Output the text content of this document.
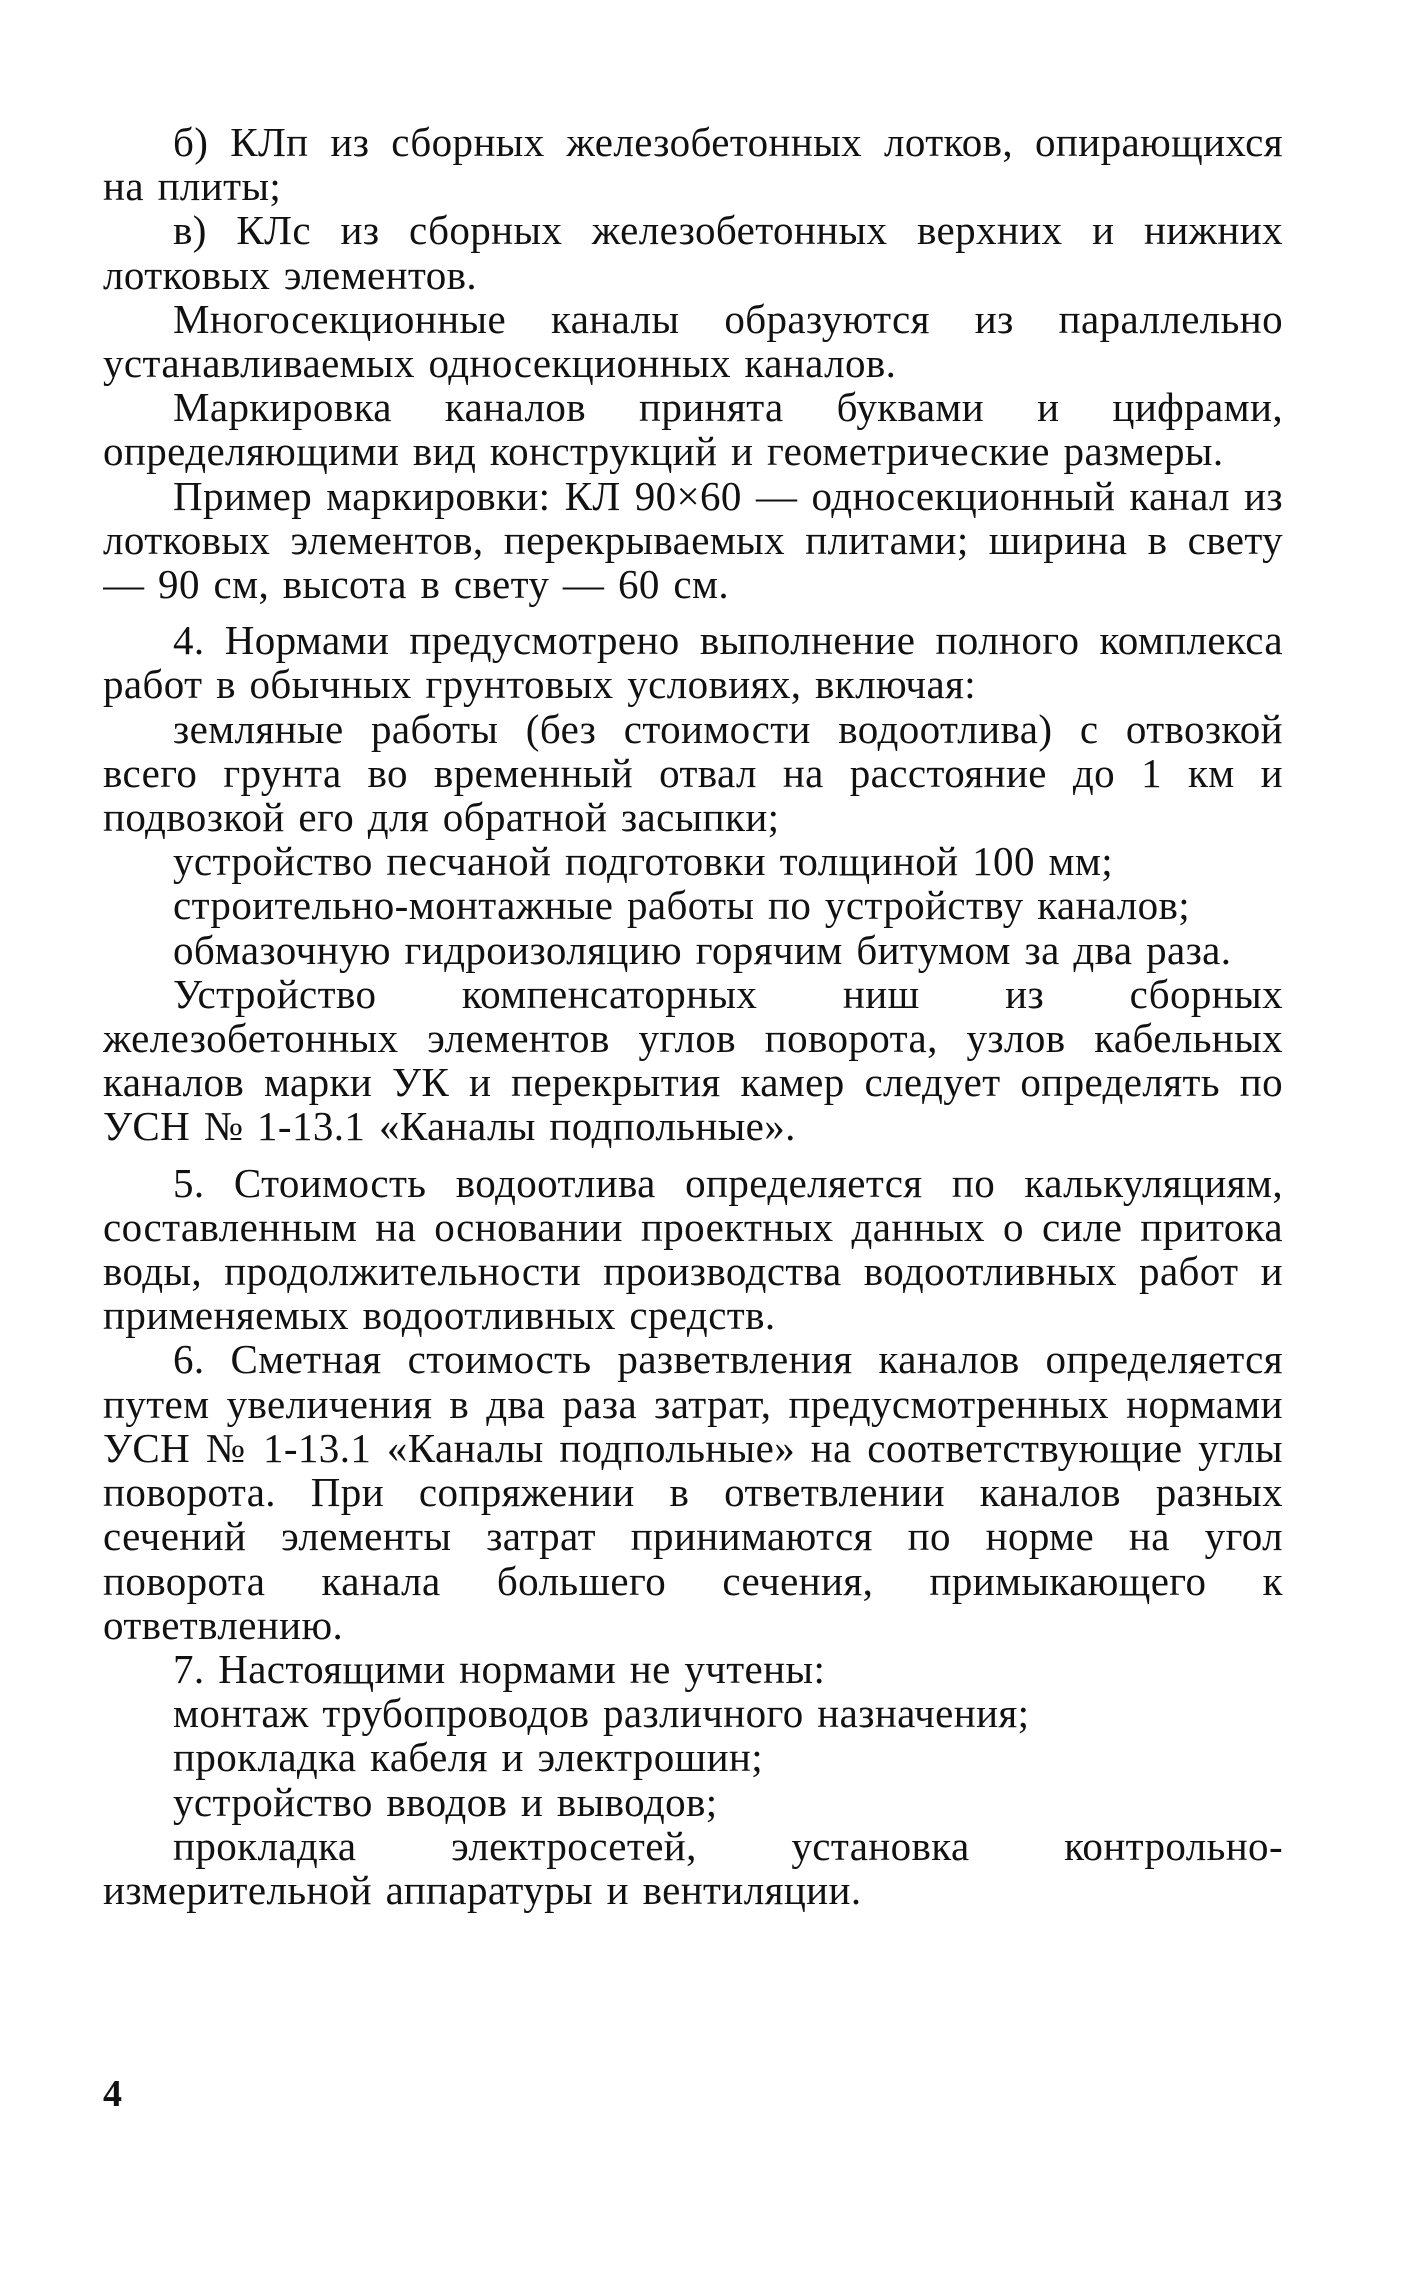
б) КЛп из сборных железобетонных лотков, опирающихся на плиты;

в) КЛс из сборных железобетонных верхних и нижних лотковых элементов.

Многосекционные каналы образуются из параллельно устанавливаемых односекционных каналов.

Маркировка каналов принята буквами и цифрами, определяющими вид конструкций и геометрические размеры.

Пример маркировки: КЛ 90×60 — односекционный канал из лотковых элементов, перекрываемых плитами; ширина в свету — 90 см, высота в свету — 60 см.

4. Нормами предусмотрено выполнение полного комплекса работ в обычных грунтовых условиях, включая:

земляные работы (без стоимости водоотлива) с отвозкой всего грунта во временный отвал на расстояние до 1 км и подвозкой его для обратной засыпки;

устройство песчаной подготовки толщиной 100 мм;

строительно-монтажные работы по устройству каналов;

обмазочную гидроизоляцию горячим битумом за два раза.

Устройство компенсаторных ниш из сборных железобетонных элементов углов поворота, узлов кабельных каналов марки УК и перекрытия камер следует определять по УСН № 1-13.1 «Каналы подпольные».

5. Стоимость водоотлива определяется по калькуляциям, составленным на основании проектных данных о силе притока воды, продолжительности производства водоотливных работ и применяемых водоотливных средств.

6. Сметная стоимость разветвления каналов определяется путем увеличения в два раза затрат, предусмотренных нормами УСН № 1-13.1 «Каналы подпольные» на соответствующие углы поворота. При сопряжении в ответвлении каналов разных сечений элементы затрат принимаются по норме на угол поворота канала большего сечения, примыкающего к ответвлению.

7. Настоящими нормами не учтены:

монтаж трубопроводов различного назначения;

прокладка кабеля и электрошин;

устройство вводов и выводов;

прокладка электросетей, установка контрольно-измерительной аппаратуры и вентиляции.

4
